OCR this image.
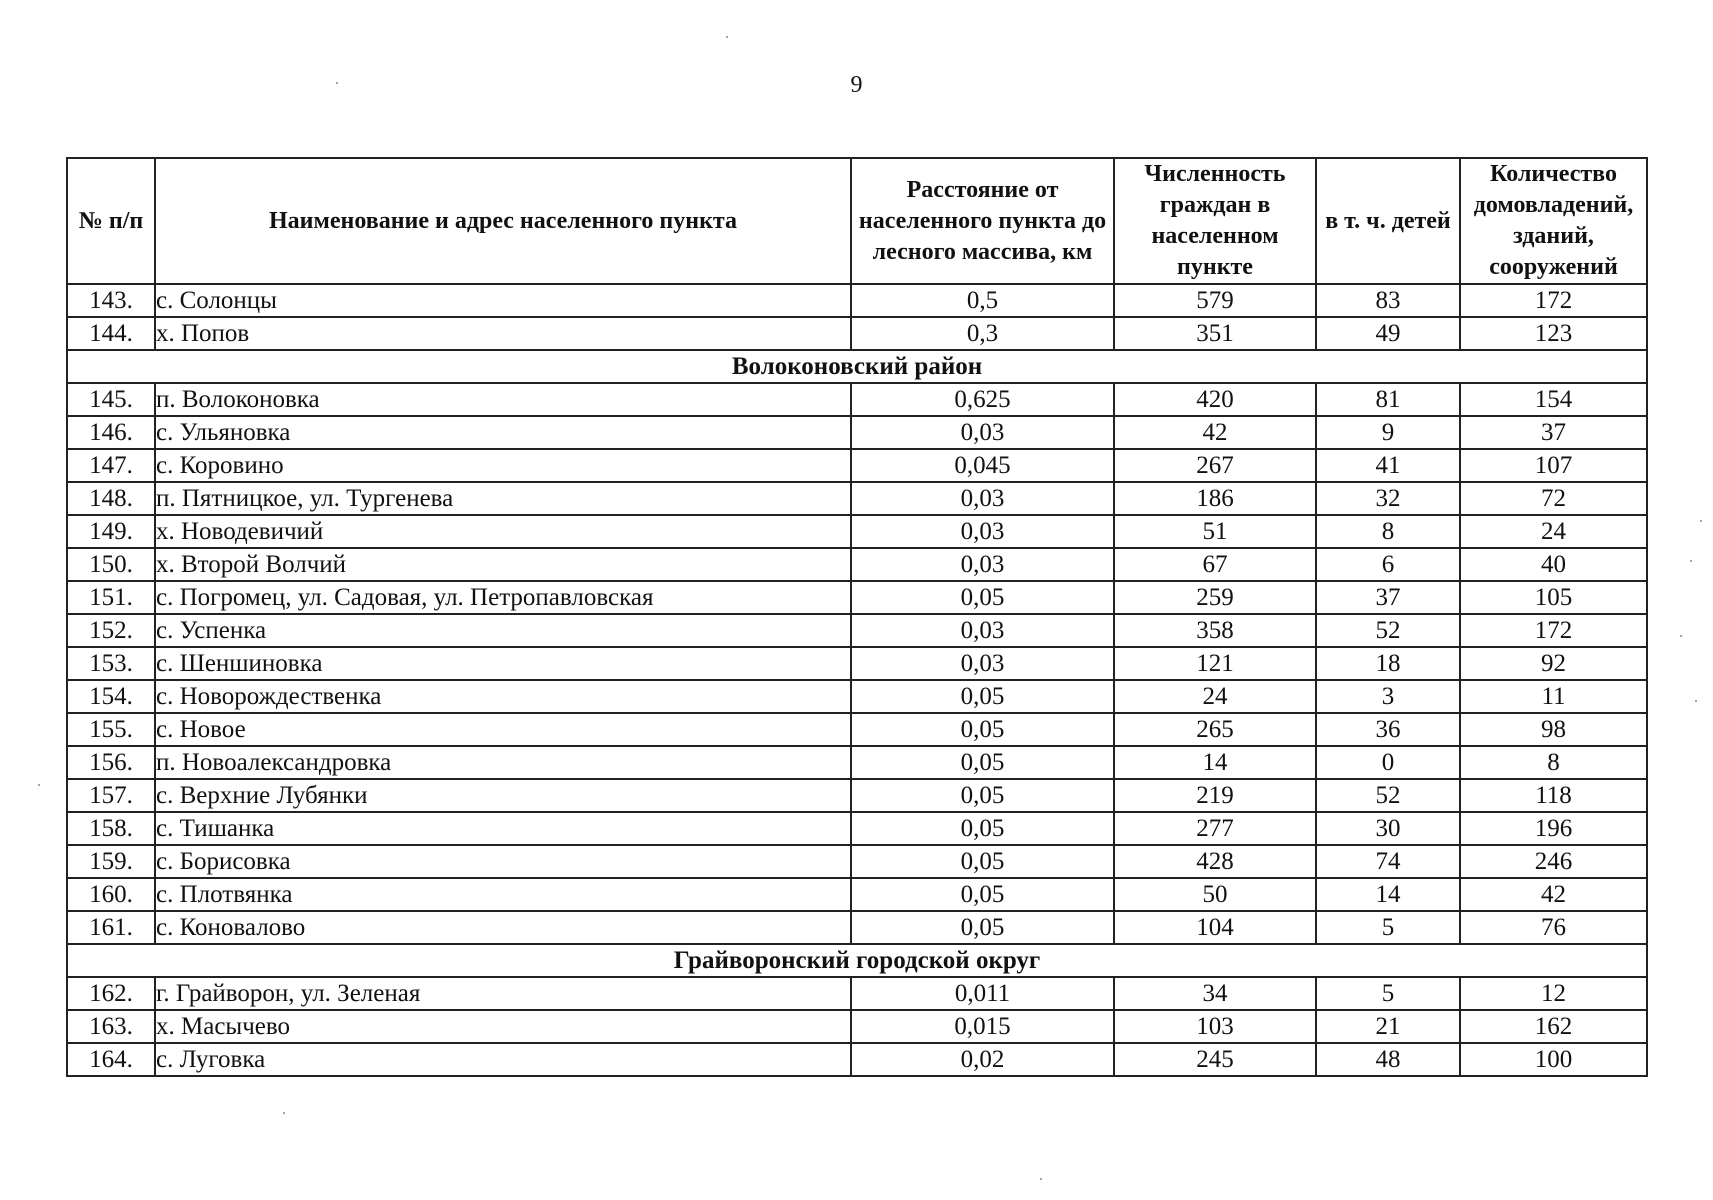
9
№ п/п	Наименование и адрес населенного пункта	Расстояние от населенного пункта до лесного массива, км	Численность граждан в населенном пункте	в т. ч. детей	Количество домовладений, зданий, сооружений
143.	с. Солонцы	0,5	579	83	172
144.	х. Попов	0,3	351	49	123
Волоконовский район					
145.	п. Волоконовка	0,625	420	81	154
146.	с. Ульяновка	0,03	42	9	37
147.	с. Коровино	0,045	267	41	107
148.	п. Пятницкое, ул. Тургенева	0,03	186	32	72
149.	х. Новодевичий	0,03	51	8	24
150.	х. Второй Волчий	0,03	67	6	40
151.	с. Погромец, ул. Садовая, ул. Петропавловская	0,05	259	37	105
152.	с. Успенка	0,03	358	52	172
153.	с. Шеншиновка	0,03	121	18	92
154.	с. Новорождественка	0,05	24	3	11
155.	с. Новое	0,05	265	36	98
156.	п. Новоалександровка	0,05	14	0	8
157.	с. Верхние Лубянки	0,05	219	52	118
158.	с. Тишанка	0,05	277	30	196
159.	с. Борисовка	0,05	428	74	246
160.	с. Плотвянка	0,05	50	14	42
161.	с. Коновалово	0,05	104	5	76
Грайворонский городской округ					
162.	г. Грайворон, ул. Зеленая	0,011	34	5	12
163.	х. Масычево	0,015	103	21	162
164.	с. Луговка	0,02	245	48	100
